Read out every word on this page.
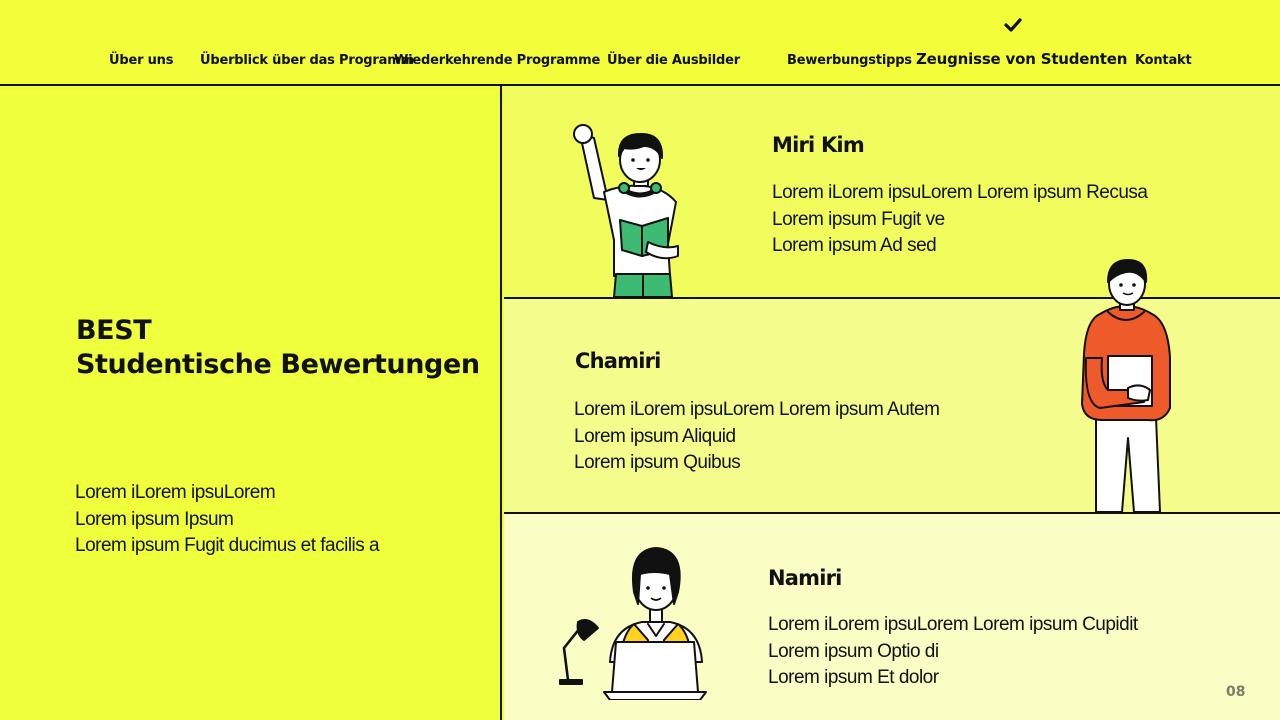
Über uns Überblick über das Programm
Wiederkehrende Programme Über die Ausbilder	Bewerbungstipps Zeugnisse von Studenten Kontakt
BEST
Studentische Bewertungen
Lorem iLorem ipsuLorem
Lorem ipsum Ipsum
Lorem ipsum Fugit ducimus et facilis a
Miri Kim
Lorem iLorem ipsuLorem Lorem ipsum Recusa
Lorem ipsum Fugit ve
Lorem ipsum Ad sed
Chamiri
Lorem iLorem ipsuLorem Lorem ipsum Autem
Lorem ipsum Aliquid
Lorem ipsum Quibus
Namiri
Lorem iLorem ipsuLorem Lorem ipsum Cupidit
Lorem ipsum Optio di
Lorem ipsum Et dolor
08
